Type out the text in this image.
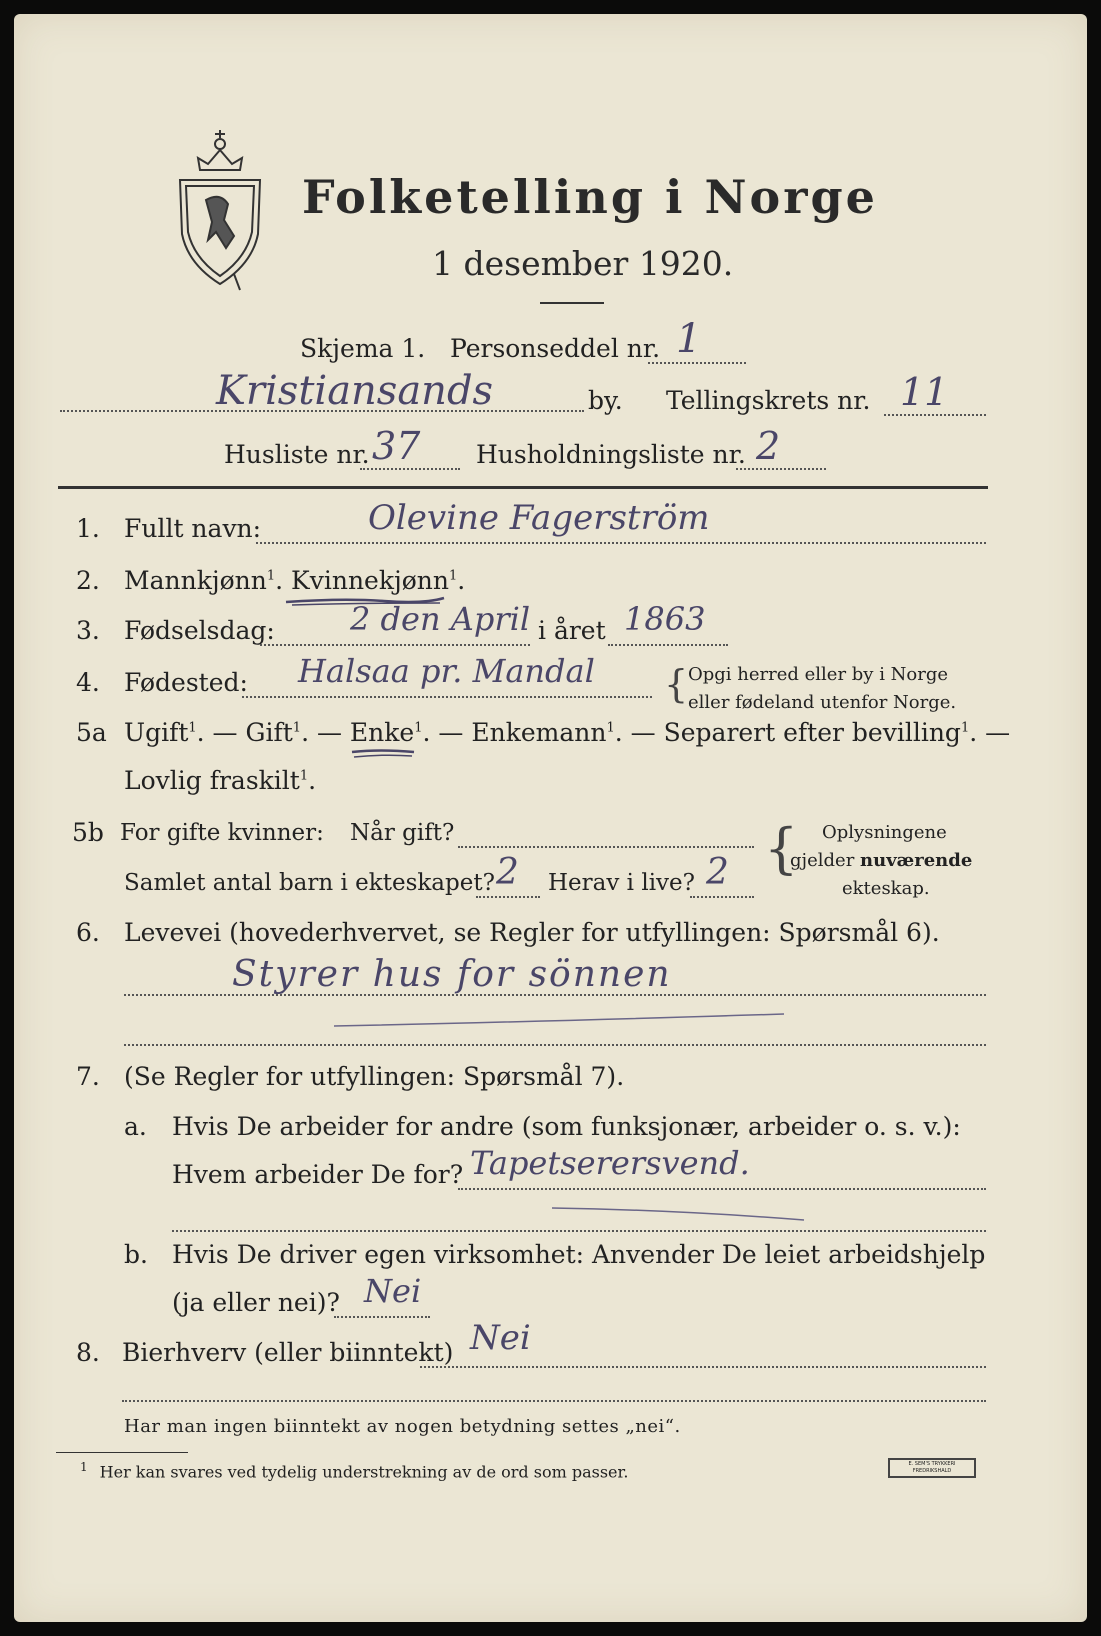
Folketelling i Norge
1 desember 1920.
Skjema 1. Personseddel nr. 1
Kristiansands	by. Tellingskrets nr. 11
Husliste nr. 37 Husholdningsliste nr. 2
1. Fullt navn:	Olevine Fagerström
2. Mannkjønn$^1$. Kvinnekjønn$^1$.
3. Fødselsdag: 2 den April i året 1863
4. Fødested: Halsaa pr. Mandal { Opgi herred eller by i Norge
eller fødeland utenfor Norge.
5a Ugift$^1$. — Gift$^1$. — Enke$^1$. — Enkemann$^1$. — Separert efter bevilling$^1$. —
Lovlig fraskilt$^1$.
5b For gifte kvinner: Når gift?
Samlet antal barn i ekteskapet? 2 Herav i live? 2 { Oplysningene
gjelder nuværende
ekteskap.
6. Levevei (hovederhvervet, se Regler for utfyllingen: Spørsmål 6).
Styrer hus for sönnen
7. (Se Regler for utfyllingen: Spørsmål 7).
a. Hvis De arbeider for andre (som funksjonær, arbeider o. s. v.):
Hvem arbeider De for? Tapetserersvend.
b. Hvis De driver egen virksomhet: Anvender De leiet arbeidshjelp
(ja eller nei)? Nei
8. Bierhverv (eller biinntekt) Nei
Har man ingen biinntekt av nogen betydning settes „nei“.
$^1$ Her kan svares ved tydelig understrekning av de ord som passer.	E. SEM'S TRYKKERI
FREDRIKSHALD
